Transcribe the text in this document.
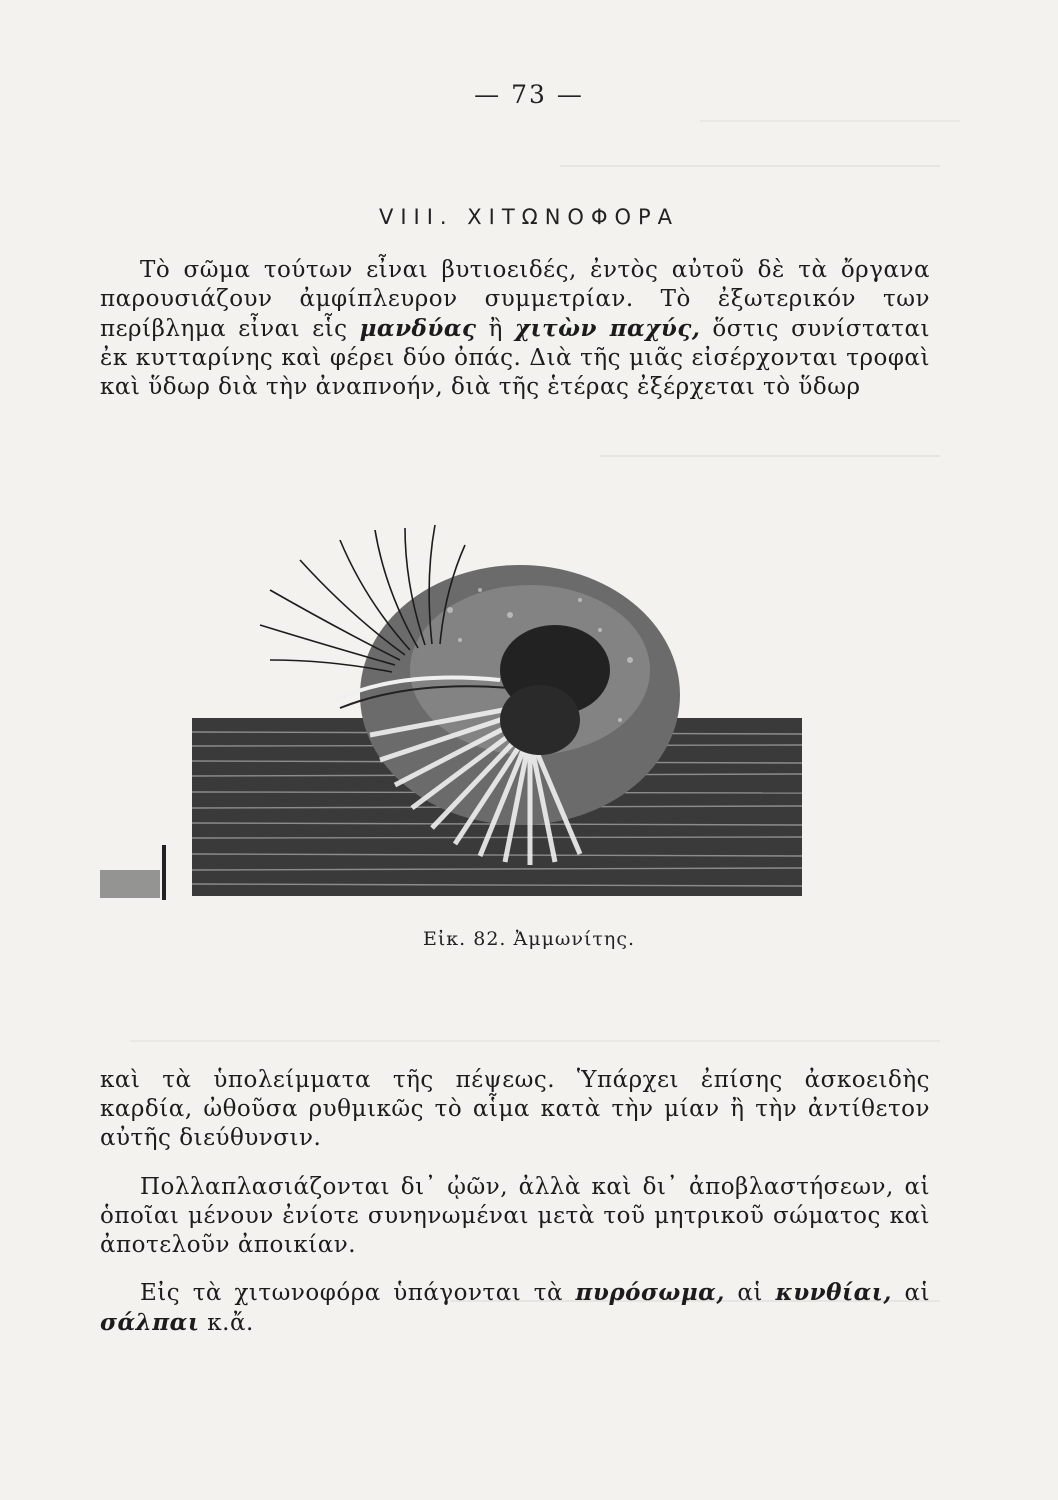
— 73 —
VIII. ΧΙΤΩΝΟΦΟΡΑ

Τὸ σῶμα τούτων εἶναι βυτιοειδές, ἐντὸς αὐτοῦ δὲ τὰ ὄργανα παρουσιάζουν ἀμφίπλευρον συμμετρίαν. Τὸ ἐξωτερικόν των περίβλημα εἶναι εἷς μανδύας ἢ χιτὼν παχύς, ὅστις συνίσταται ἐκ κυτταρίνης καὶ φέρει δύο ὀπάς. Διὰ τῆς μιᾶς εἰσέρχονται τροφαὶ καὶ ὕδωρ διὰ τὴν ἀναπνοήν, διὰ τῆς ἑτέρας ἐξέρχεται τὸ ὕδωρ

Εἰκ. 82. Ἀμμωνίτης.

καὶ τὰ ὑπολείμματα τῆς πέψεως. Ὑπάρχει ἐπίσης ἀσκοειδὴς καρδία, ὠθοῦσα ρυθμικῶς τὸ αἷμα κατὰ τὴν μίαν ἢ τὴν ἀντίθετον αὐτῆς διεύθυνσιν.

Πολλαπλασιάζονται δι᾽ ᾠῶν, ἀλλὰ καὶ δι᾽ ἀποβλαστήσεων, αἱ ὁποῖαι μένουν ἐνίοτε συνηνωμέναι μετὰ τοῦ μητρικοῦ σώματος καὶ ἀποτελοῦν ἀποικίαν.

Εἰς τὰ χιτωνοφόρα ὑπάγονται τὰ πυρόσωμα, αἱ κυνθίαι, αἱ σάλπαι κ.ἄ.
